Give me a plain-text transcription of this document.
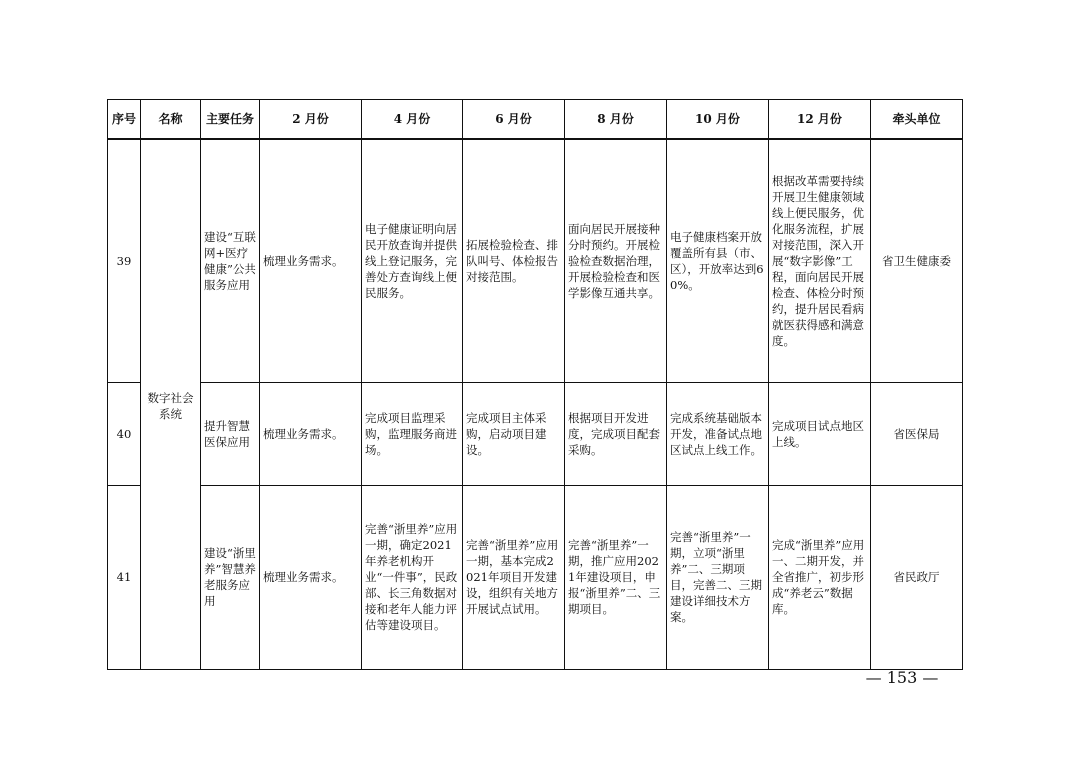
序号	名称	主要任务	2 月份	4 月份	6 月份	8 月份	10 月份	12 月份	牵头单位
39	数字社会系统	建设“互联网+医疗健康”公共服务应用	梳理业务需求。	电子健康证明向居民开放查询并提供线上登记服务，完善处方查询线上便民服务。	拓展检验检查、排队叫号、体检报告对接范围。	面向居民开展接种分时预约。开展检验检查数据治理，开展检验检查和医学影像互通共享。	电子健康档案开放覆盖所有县（市、区），开放率达到60%。	根据改革需要持续开展卫生健康领域线上便民服务，优化服务流程，扩展对接范围，深入开展“数字影像”工程，面向居民开展检查、体检分时预约，提升居民看病就医获得感和满意度。	省卫生健康委
40		提升智慧医保应用	梳理业务需求。	完成项目监理采购，监理服务商进场。	完成项目主体采购，启动项目建设。	根据项目开发进度，完成项目配套采购。	完成系统基础版本开发，准备试点地区试点上线工作。	完成项目试点地区上线。	省医保局
41		建设“浙里养”智慧养老服务应用	梳理业务需求。	完善“浙里养”应用一期，确定2021年养老机构开业“一件事”，民政部、长三角数据对接和老年人能力评估等建设项目。	完善“浙里养”应用一期，基本完成2021年项目开发建设，组织有关地方开展试点试用。	完善“浙里养”一期，推广应用2021年建设项目，申报“浙里养”二、三期项目。	完善“浙里养”一期，立项“浙里养”二、三期项目，完善二、三期建设详细技术方案。	完成“浙里养”应用一、二期开发，并全省推广，初步形成“养老云”数据库。	省民政厅
— 153 —
